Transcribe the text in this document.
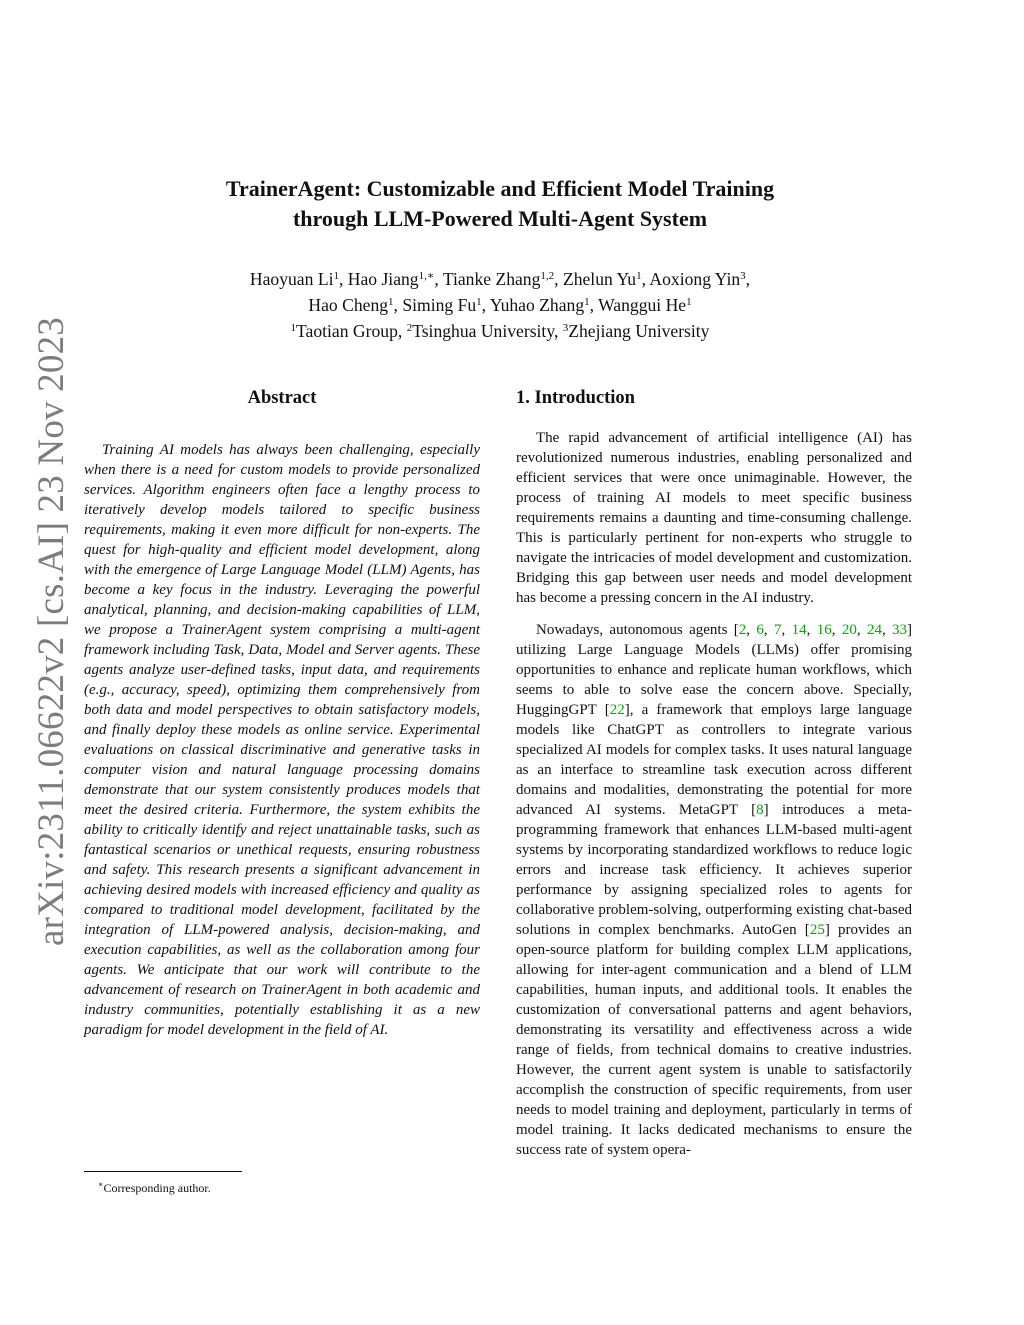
arXiv:2311.06622v2 [cs.AI] 23 Nov 2023
TrainerAgent: Customizable and Efficient Model Training
through LLM-Powered Multi-Agent System
Haoyuan Li$^1$, Hao Jiang$^{1,∗}$, Tianke Zhang$^{1,2}$, Zhelun Yu$^1$, Aoxiong Yin$^3$,
Hao Cheng$^1$, Siming Fu$^1$, Yuhao Zhang$^1$, Wanggui He$^1$
$^1$Taotian Group, $^2$Tsinghua University, $^3$Zhejiang University
Abstract

Training AI models has always been challenging, especially when there is a need for custom models to provide personalized services. Algorithm engineers often face a lengthy process to iteratively develop models tailored to specific business requirements, making it even more difficult for non-experts. The quest for high-quality and efficient model development, along with the emergence of Large Language Model (LLM) Agents, has become a key focus in the industry. Leveraging the powerful analytical, planning, and decision-making capabilities of LLM, we propose a TrainerAgent system comprising a multi-agent framework including Task, Data, Model and Server agents. These agents analyze user-defined tasks, input data, and requirements (e.g., accuracy, speed), optimizing them comprehensively from both data and model perspectives to obtain satisfactory models, and finally deploy these models as online service. Experimental evaluations on classical discriminative and generative tasks in computer vision and natural language processing domains demonstrate that our system consistently produces models that meet the desired criteria. Furthermore, the system exhibits the ability to critically identify and reject unattainable tasks, such as fantastical scenarios or unethical requests, ensuring robustness and safety. This research presents a significant advancement in achieving desired models with increased efficiency and quality as compared to traditional model development, facilitated by the integration of LLM-powered analysis, decision-making, and execution capabilities, as well as the collaboration among four agents. We anticipate that our work will contribute to the advancement of research on TrainerAgent in both academic and industry communities, potentially establishing it as a new paradigm for model development in the field of AI.

1. Introduction

The rapid advancement of artificial intelligence (AI) has revolutionized numerous industries, enabling personalized and efficient services that were once unimaginable. However, the process of training AI models to meet specific business requirements remains a daunting and time-consuming challenge. This is particularly pertinent for non-experts who struggle to navigate the intricacies of model development and customization. Bridging this gap between user needs and model development has become a pressing concern in the AI industry.

Nowadays, autonomous agents [2, 6, 7, 14, 16, 20, 24, 33] utilizing Large Language Models (LLMs) offer promising opportunities to enhance and replicate human workflows, which seems to able to solve ease the concern above. Specially, HuggingGPT [22], a framework that employs large language models like ChatGPT as controllers to integrate various specialized AI models for complex tasks. It uses natural language as an interface to streamline task execution across different domains and modalities, demonstrating the potential for more advanced AI systems. MetaGPT [8] introduces a meta-programming framework that enhances LLM-based multi-agent systems by incorporating standardized workflows to reduce logic errors and increase task efficiency. It achieves superior performance by assigning specialized roles to agents for collaborative problem-solving, outperforming existing chat-based solutions in complex benchmarks. AutoGen [25] provides an open-source platform for building complex LLM applications, allowing for inter-agent communication and a blend of LLM capabilities, human inputs, and additional tools. It enables the customization of conversational patterns and agent behaviors, demonstrating its versatility and effectiveness across a wide range of fields, from technical domains to creative industries. However, the current agent system is unable to satisfactorily accomplish the construction of specific requirements, from user needs to model training and deployment, particularly in terms of model training. It lacks dedicated mechanisms to ensure the success rate of system opera-

∗Corresponding author.
